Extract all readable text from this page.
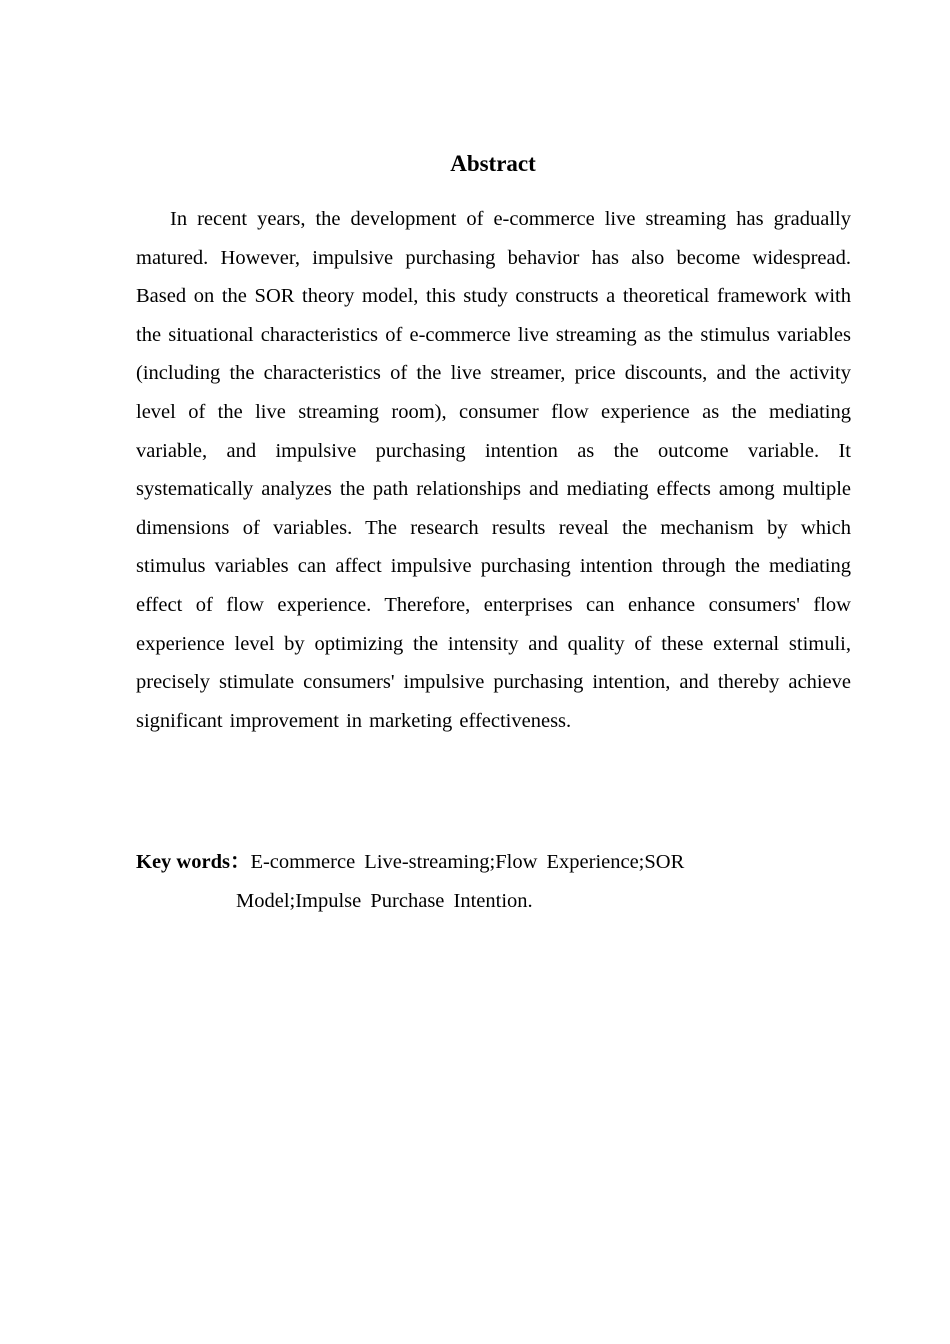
Abstract

In recent years, the development of e-commerce live streaming has gradually matured. However, impulsive purchasing behavior has also become widespread. Based on the SOR theory model, this study constructs a theoretical framework with the situational characteristics of e-commerce live streaming as the stimulus variables (including the characteristics of the live streamer, price discounts, and the activity level of the live streaming room), consumer flow experience as the mediating variable, and impulsive purchasing intention as the outcome variable. It systematically analyzes the path relationships and mediating effects among multiple dimensions of variables. The research results reveal the mechanism by which stimulus variables can affect impulsive purchasing intention through the mediating effect of flow experience. Therefore, enterprises can enhance consumers' flow experience level by optimizing the intensity and quality of these external stimuli, precisely stimulate consumers' impulsive purchasing intention, and thereby achieve significant improvement in marketing effectiveness.

Key words：E-commerce Live-streaming;Flow Experience;SOR
Model;Impulse Purchase Intention.
